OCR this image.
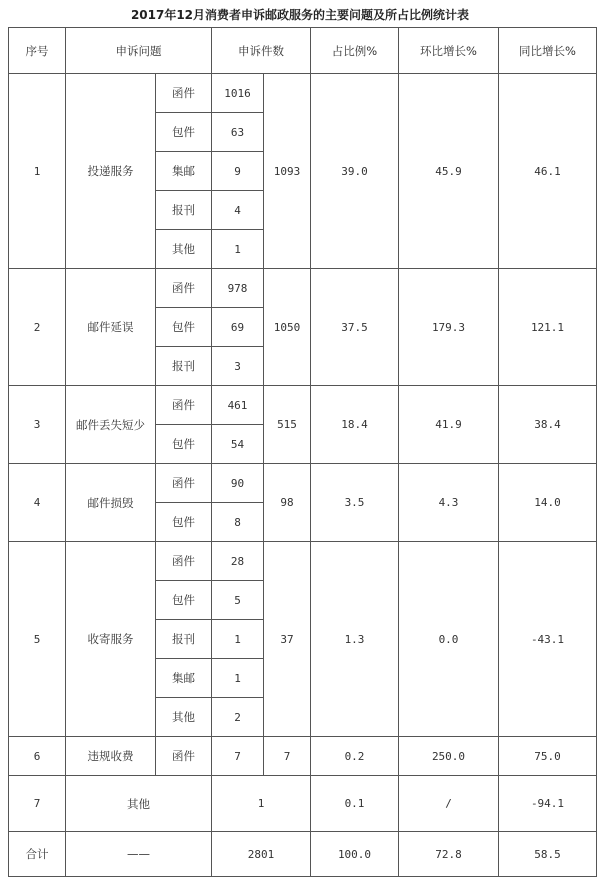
2017年12月消费者申诉邮政服务的主要问题及所占比例统计表
序号	申诉问题		申诉件数		占比例%	环比增长%	同比增长%
1	投递服务	函件	1016	1093	39.0	45.9	46.1
		包件	63				
		集邮	9				
		报刊	4				
		其他	1				
2	邮件延误	函件	978	1050	37.5	179.3	121.1
		包件	69				
		报刊	3				
3	邮件丢失短少	函件	461	515	18.4	41.9	38.4
		包件	54				
4	邮件损毁	函件	90	98	3.5	4.3	14.0
		包件	8				
5	收寄服务	函件	28	37	1.3	0.0	-43.1
		包件	5				
		报刊	1				
		集邮	1				
		其他	2				
6	违规收费	函件	7	7	0.2	250.0	75.0
7	其他		1		0.1	/	-94.1
合计	——		2801		100.0	72.8	58.5
